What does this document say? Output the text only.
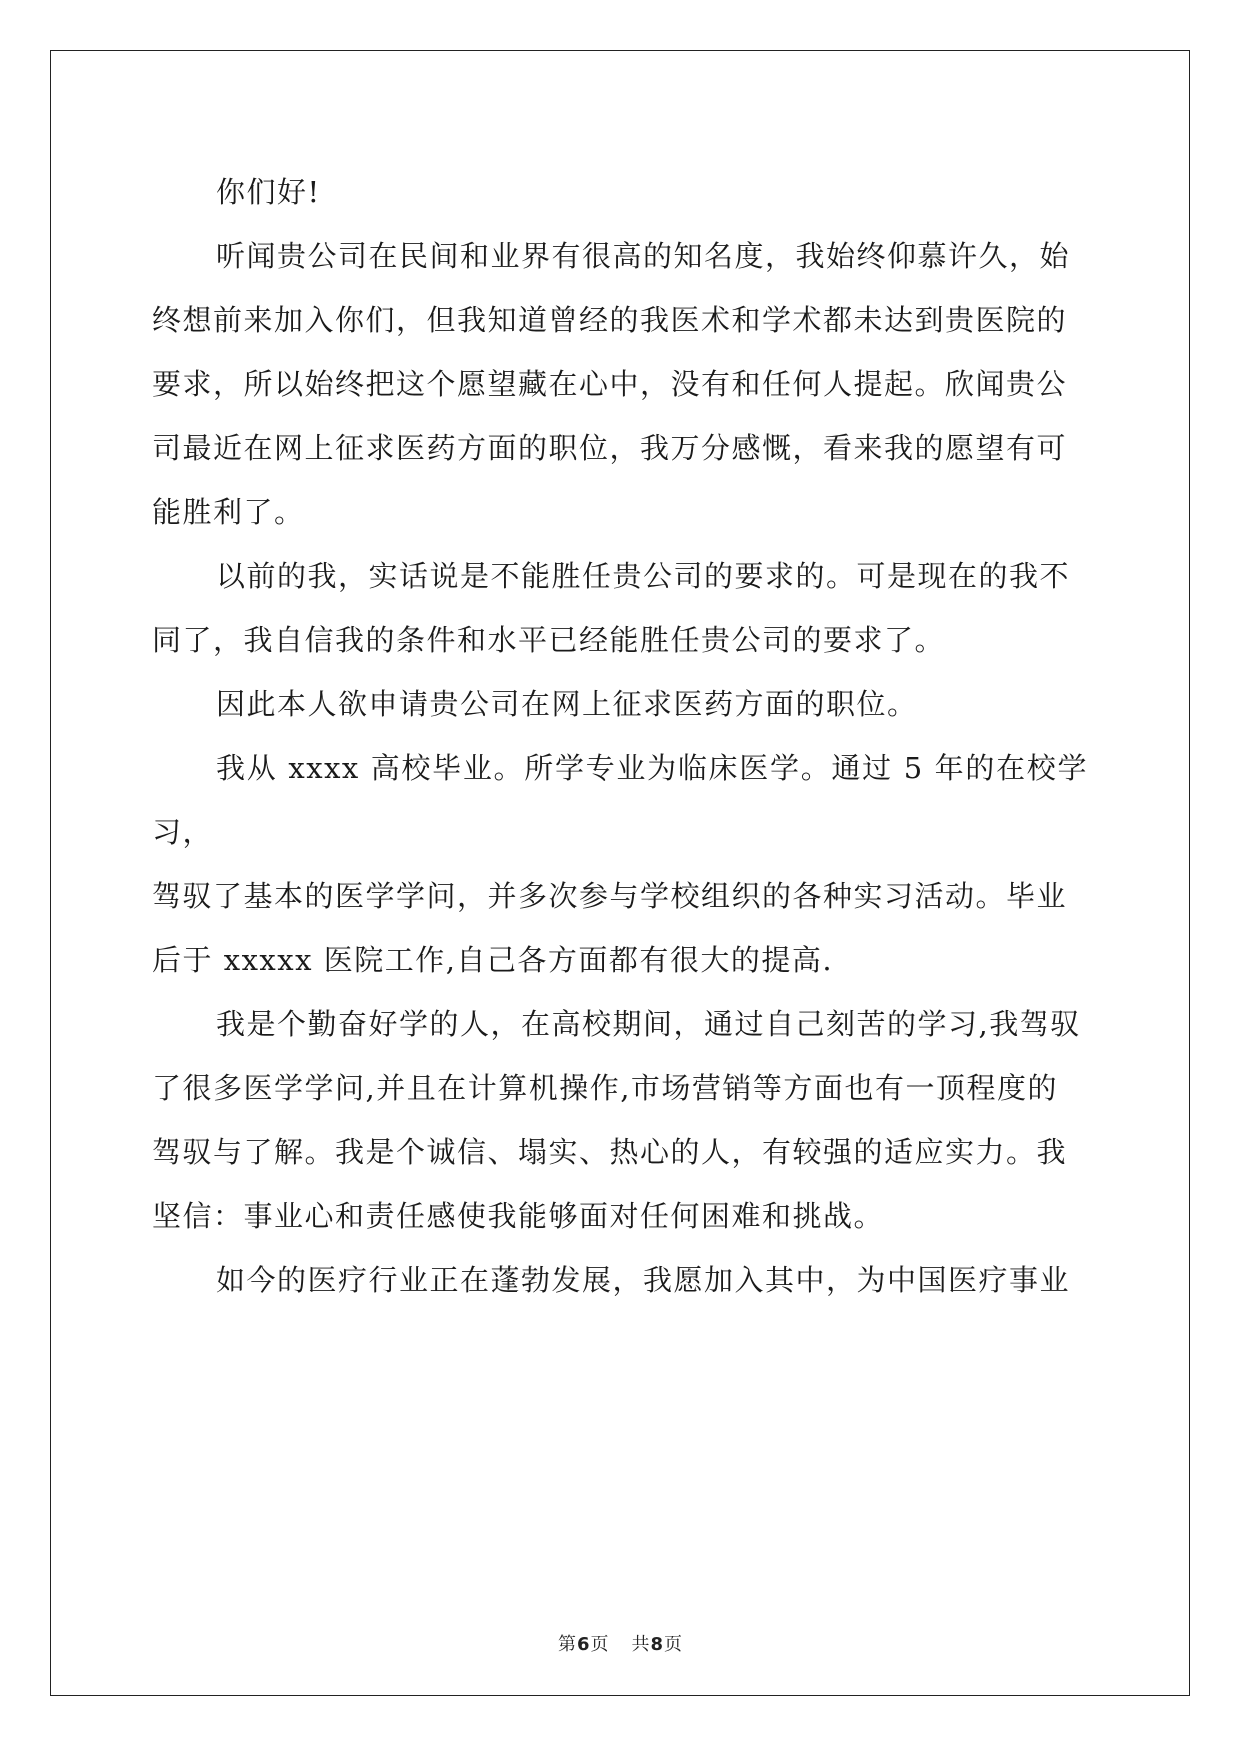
你们好!

听闻贵公司在民间和业界有很高的知名度，我始终仰慕许久，始
终想前来加入你们，但我知道曾经的我医术和学术都未达到贵医院的
要求，所以始终把这个愿望藏在心中，没有和任何人提起。欣闻贵公
司最近在网上征求医药方面的职位，我万分感慨，看来我的愿望有可
能胜利了。

以前的我，实话说是不能胜任贵公司的要求的。可是现在的我不
同了，我自信我的条件和水平已经能胜任贵公司的要求了。

因此本人欲申请贵公司在网上征求医药方面的职位。

我从 xxxx 高校毕业。所学专业为临床医学。通过 5 年的在校学习，
驾驭了基本的医学学问，并多次参与学校组织的各种实习活动。毕业
后于 xxxxx 医院工作,自己各方面都有很大的提高.

我是个勤奋好学的人，在高校期间，通过自己刻苦的学习,我驾驭
了很多医学学问,并且在计算机操作,市场营销等方面也有一顶程度的
驾驭与了解。我是个诚信、塌实、热心的人，有较强的适应实力。我
坚信：事业心和责任感使我能够面对任何困难和挑战。

如今的医疗行业正在蓬勃发展，我愿加入其中，为中国医疗事业

第6页 共8页
